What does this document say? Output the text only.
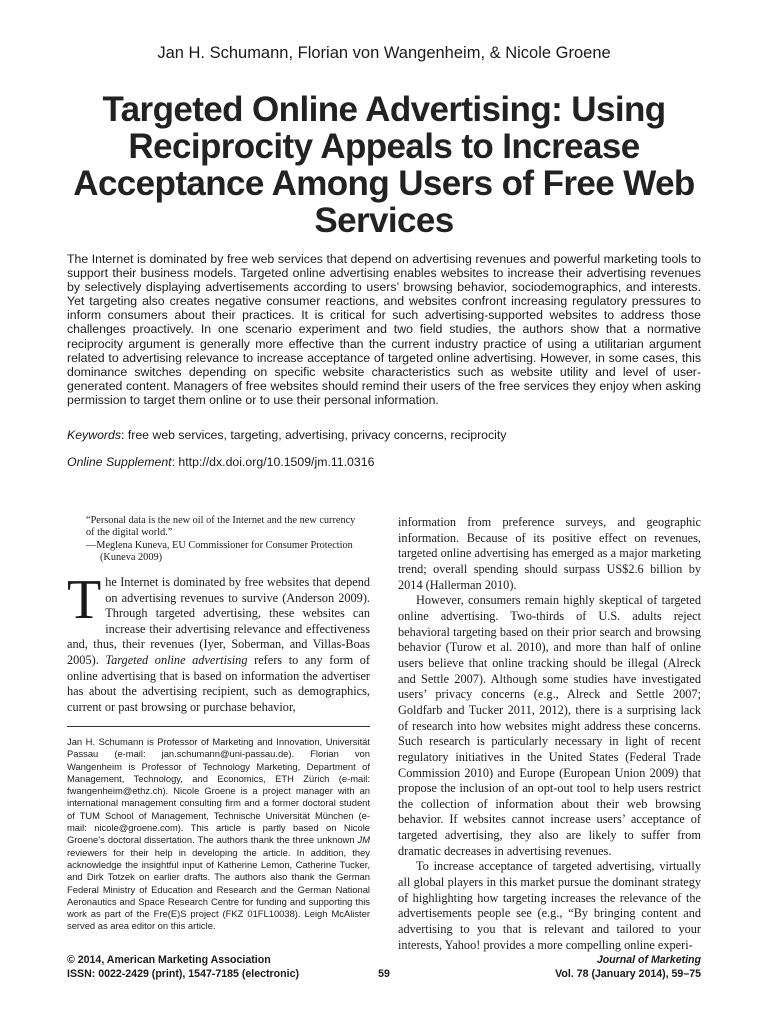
Jan H. Schumann, Florian von Wangenheim, & Nicole Groene
Targeted Online Advertising: Using Reciprocity Appeals to Increase Acceptance Among Users of Free Web Services

The Internet is dominated by free web services that depend on advertising revenues and powerful marketing tools to support their business models. Targeted online advertising enables websites to increase their advertising revenues by selectively displaying advertisements according to users’ browsing behavior, sociodemographics, and interests. Yet targeting also creates negative consumer reactions, and websites confront increasing regulatory pressures to inform consumers about their practices. It is critical for such advertising-supported websites to address those challenges proactively. In one scenario experiment and two field studies, the authors show that a normative reciprocity argument is generally more effective than the current industry practice of using a utilitarian argument related to advertising relevance to increase acceptance of targeted online advertising. However, in some cases, this dominance switches depending on specific website characteristics such as website utility and level of user-generated content. Managers of free websites should remind their users of the free services they enjoy when asking permission to target them online or to use their personal information.

Keywords: free web services, targeting, advertising, privacy concerns, reciprocity
Online Supplement: http://dx.doi.org/10.1509/jm.11.0316

“Personal data is the new oil of the Internet and the new currency of the digital world.”

—Meglena Kuneva, EU Commissioner for Consumer Protection (Kuneva 2009)

The Internet is dominated by free websites that depend on advertising revenues to survive (Anderson 2009). Through targeted advertising, these websites can increase their advertising relevance and effectiveness and, thus, their revenues (Iyer, Soberman, and Villas-Boas 2005). Targeted online advertising refers to any form of online advertising that is based on information the advertiser has about the advertising recipient, such as demographics, current or past browsing or purchase behavior,

Jan H. Schumann is Professor of Marketing and Innovation, Universität Passau (e-mail: jan.schumann@uni-passau.de). Florian von Wangenheim is Professor of Technology Marketing, Department of Management, Technology, and Economics, ETH Zürich (e-mail: fwangenheim@ethz.ch). Nicole Groene is a project manager with an international management consulting firm and a former doctoral student of TUM School of Management, Technische Universität München (e-mail: nicole@groene.com). This article is partly based on Nicole Groene’s doctoral dissertation. The authors thank the three unknown JM reviewers for their help in developing the article. In addition, they acknowledge the insightful input of Katherine Lemon, Catherine Tucker, and Dirk Totzek on earlier drafts. The authors also thank the German Federal Ministry of Education and Research and the German National Aeronautics and Space Research Centre for funding and supporting this work as part of the Fre(E)S project (FKZ 01FL10038). Leigh McAlister served as area editor on this article.

information from preference surveys, and geographic information. Because of its positive effect on revenues, targeted online advertising has emerged as a major marketing trend; overall spending should surpass US$2.6 billion by 2014 (Hallerman 2010).

However, consumers remain highly skeptical of targeted online advertising. Two-thirds of U.S. adults reject behavioral targeting based on their prior search and browsing behavior (Turow et al. 2010), and more than half of online users believe that online tracking should be illegal (Alreck and Settle 2007). Although some studies have investigated users’ privacy concerns (e.g., Alreck and Settle 2007; Goldfarb and Tucker 2011, 2012), there is a surprising lack of research into how websites might address these concerns. Such research is particularly necessary in light of recent regulatory initiatives in the United States (Federal Trade Commission 2010) and Europe (European Union 2009) that propose the inclusion of an opt-out tool to help users restrict the collection of information about their web browsing behavior. If websites cannot increase users’ acceptance of targeted advertising, they also are likely to suffer from dramatic decreases in advertising revenues.

To increase acceptance of targeted advertising, virtually all global players in this market pursue the dominant strategy of highlighting how targeting increases the relevance of the advertisements people see (e.g., “By bringing content and advertising to you that is relevant and tailored to your interests, Yahoo! provides a more compelling online experi-

© 2014, American Marketing Association
ISSN: 0022-2429 (print), 1547-7185 (electronic)	59
Journal of Marketing
Vol. 78 (January 2014), 59–75
